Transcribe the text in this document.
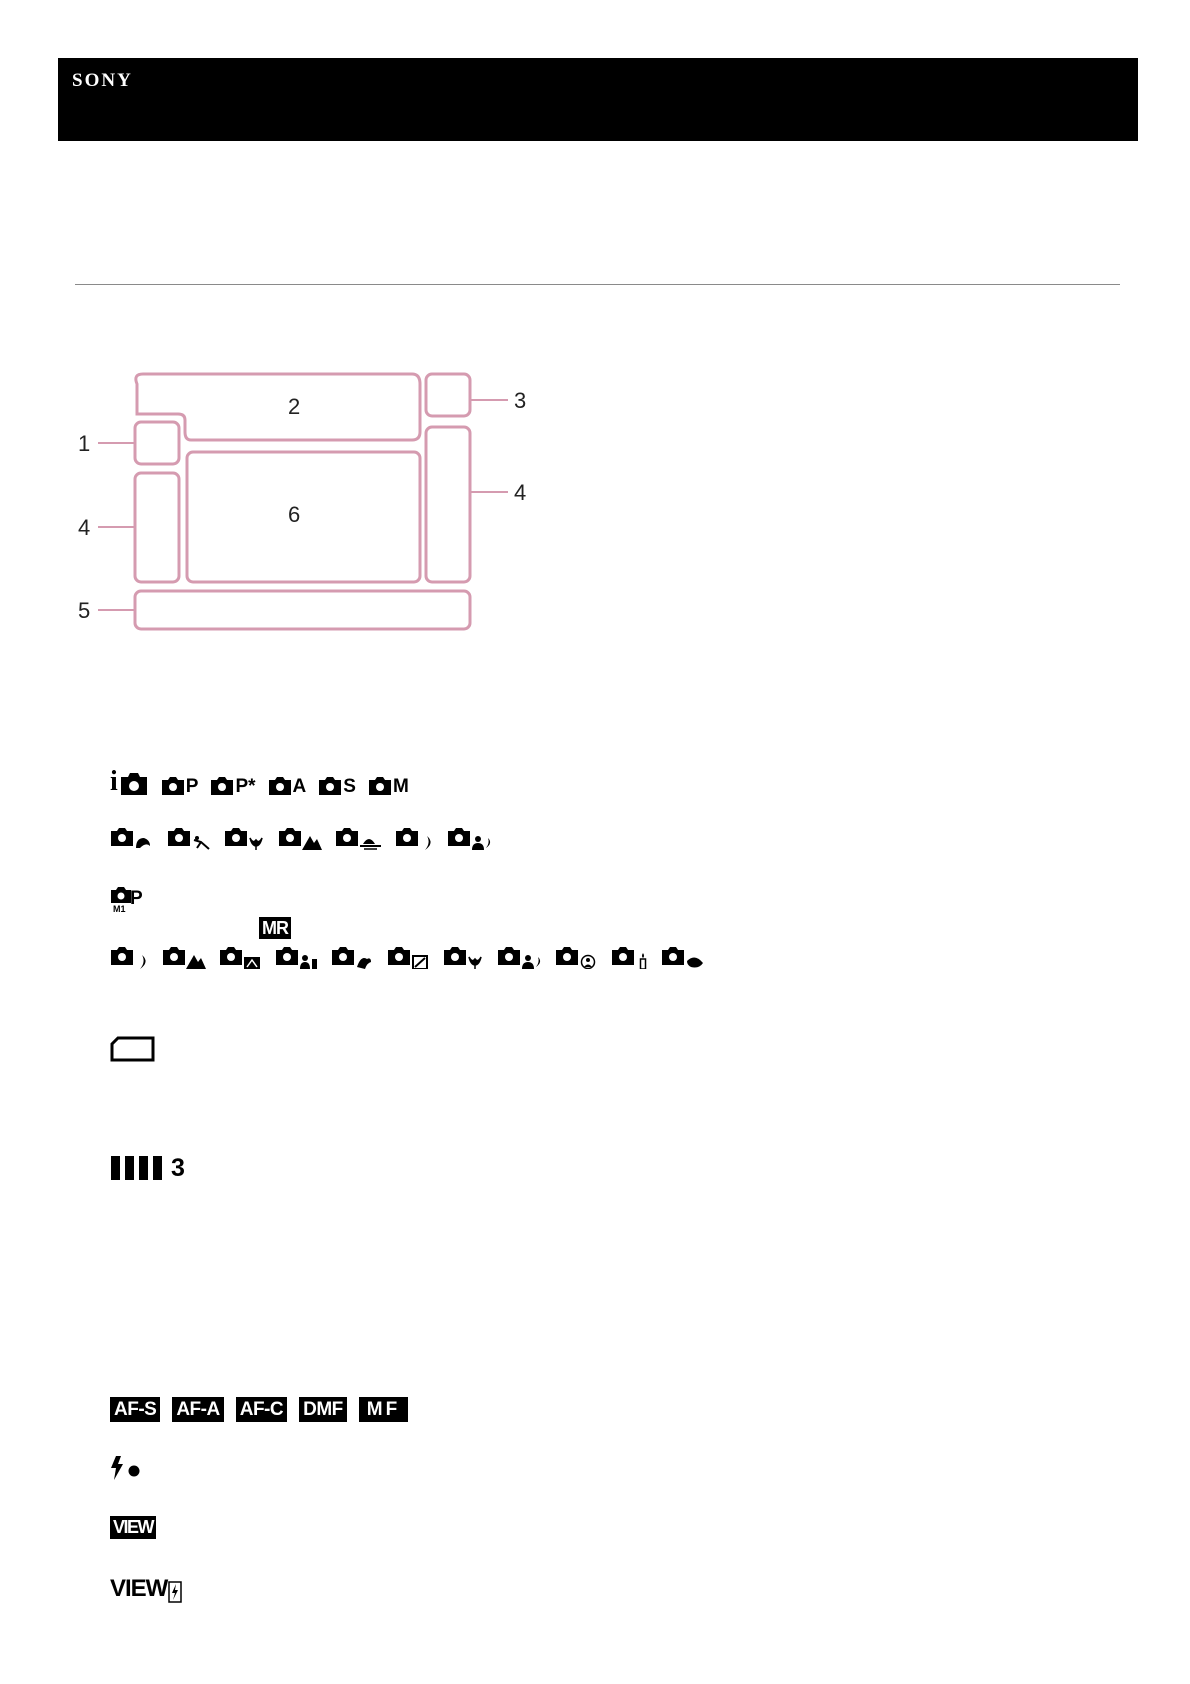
SONY
1
2	3
4
4
5
6
i	P P* A S M
M1 P
MR
3
AF-S AF-A AF-C DMF	MF
VIEW
VIEW
